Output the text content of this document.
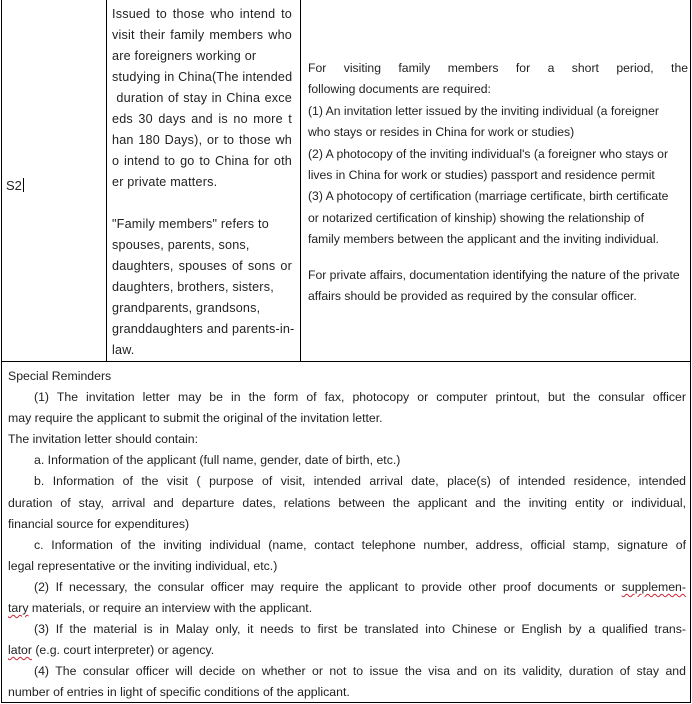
S2
Issued to those who intend to
visit their family members who
are foreigners working or
studying in China(The intended
duration of stay in China exce
eds 30 days and is no more t
han 180 Days), or to those wh
o intend to go to China for oth
er private matters.
"Family members" refers to
spouses, parents, sons,
daughters, spouses of sons or
daughters, brothers, sisters,
grandparents, grandsons,
granddaughters and parents-in-
law.
For visiting family members for a short period, the
following documents are required:
(1) An invitation letter issued by the inviting individual (a foreigner
who stays or resides in China for work or studies)
(2) A photocopy of the inviting individual's (a foreigner who stays or
lives in China for work or studies) passport and residence permit
(3) A photocopy of certification (marriage certificate, birth certificate
or notarized certification of kinship) showing the relationship of
family members between the applicant and the inviting individual.
For private affairs, documentation identifying the nature of the private
affairs should be provided as required by the consular officer.
Special Reminders
(1) The invitation letter may be in the form of fax, photocopy or computer printout, but the consular officer
may require the applicant to submit the original of the invitation letter.
The invitation letter should contain:
a. Information of the applicant (full name, gender, date of birth, etc.)
b. Information of the visit ( purpose of visit, intended arrival date, place(s) of intended residence, intended
duration of stay, arrival and departure dates, relations between the applicant and the inviting entity or individual,
financial source for expenditures)
c. Information of the inviting individual (name, contact telephone number, address, official stamp, signature of
legal representative or the inviting individual, etc.)
(2) If necessary, the consular officer may require the applicant to provide other proof documents or supplemen-
tary materials, or require an interview with the applicant.
(3) If the material is in Malay only, it needs to first be translated into Chinese or English by a qualified trans-
lator (e.g. court interpreter) or agency.
(4) The consular officer will decide on whether or not to issue the visa and on its validity, duration of stay and
number of entries in light of specific conditions of the applicant.
